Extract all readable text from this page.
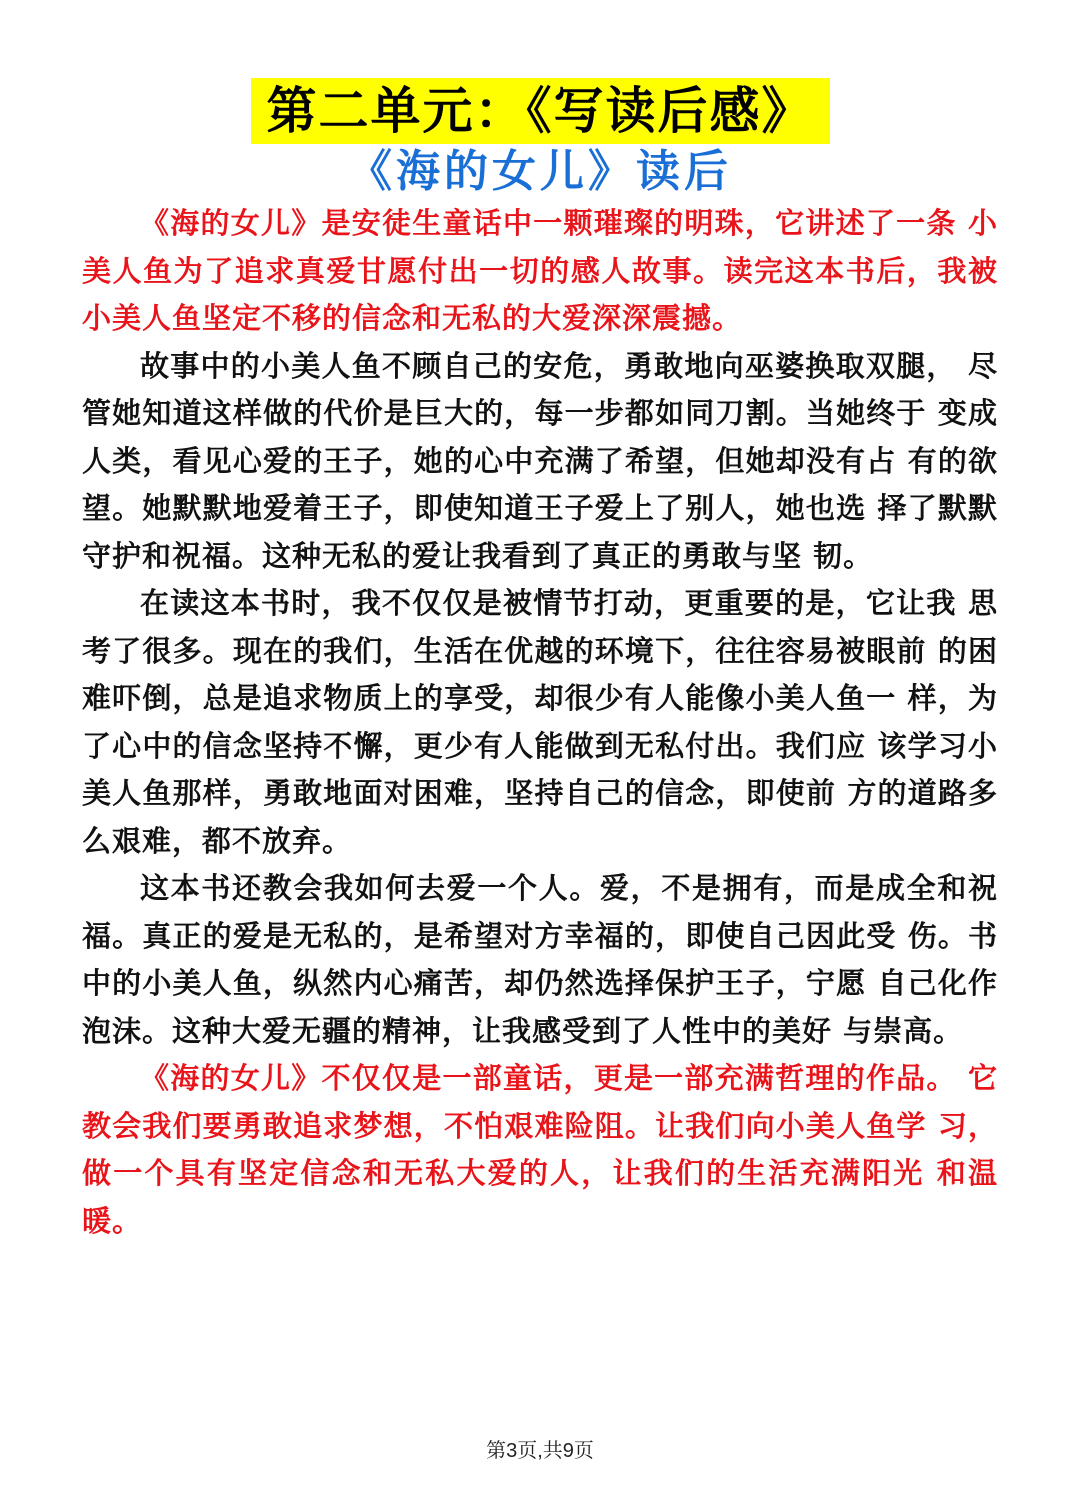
第二单元：《写读后感》
《海的女儿》读后

《海的女儿》是安徒生童话中一颗璀璨的明珠，它讲述了一条 小美人鱼为了追求真爱甘愿付出一切的感人故事。读完这本书后，我被小美人鱼坚定不移的信念和无私的大爱深深震撼。

故事中的小美人鱼不顾自己的安危，勇敢地向巫婆换取双腿， 尽管她知道这样做的代价是巨大的，每一步都如同刀割。当她终于 变成人类，看见心爱的王子，她的心中充满了希望，但她却没有占 有的欲望。她默默地爱着王子，即使知道王子爱上了别人，她也选 择了默默守护和祝福。这种无私的爱让我看到了真正的勇敢与坚 韧。

在读这本书时，我不仅仅是被情节打动，更重要的是，它让我 思考了很多。现在的我们，生活在优越的环境下，往往容易被眼前 的困难吓倒，总是追求物质上的享受，却很少有人能像小美人鱼一 样，为了心中的信念坚持不懈，更少有人能做到无私付出。我们应 该学习小美人鱼那样，勇敢地面对困难，坚持自己的信念，即使前 方的道路多么艰难，都不放弃。

这本书还教会我如何去爱一个人。爱，不是拥有，而是成全和祝福。真正的爱是无私的，是希望对方幸福的，即使自己因此受 伤。书中的小美人鱼，纵然内心痛苦，却仍然选择保护王子，宁愿 自己化作泡沫。这种大爱无疆的精神，让我感受到了人性中的美好 与崇高。

《海的女儿》不仅仅是一部童话，更是一部充满哲理的作品。 它教会我们要勇敢追求梦想，不怕艰难险阻。让我们向小美人鱼学 习，做一个具有坚定信念和无私大爱的人，让我们的生活充满阳光 和温暖。

第3页,共9页
